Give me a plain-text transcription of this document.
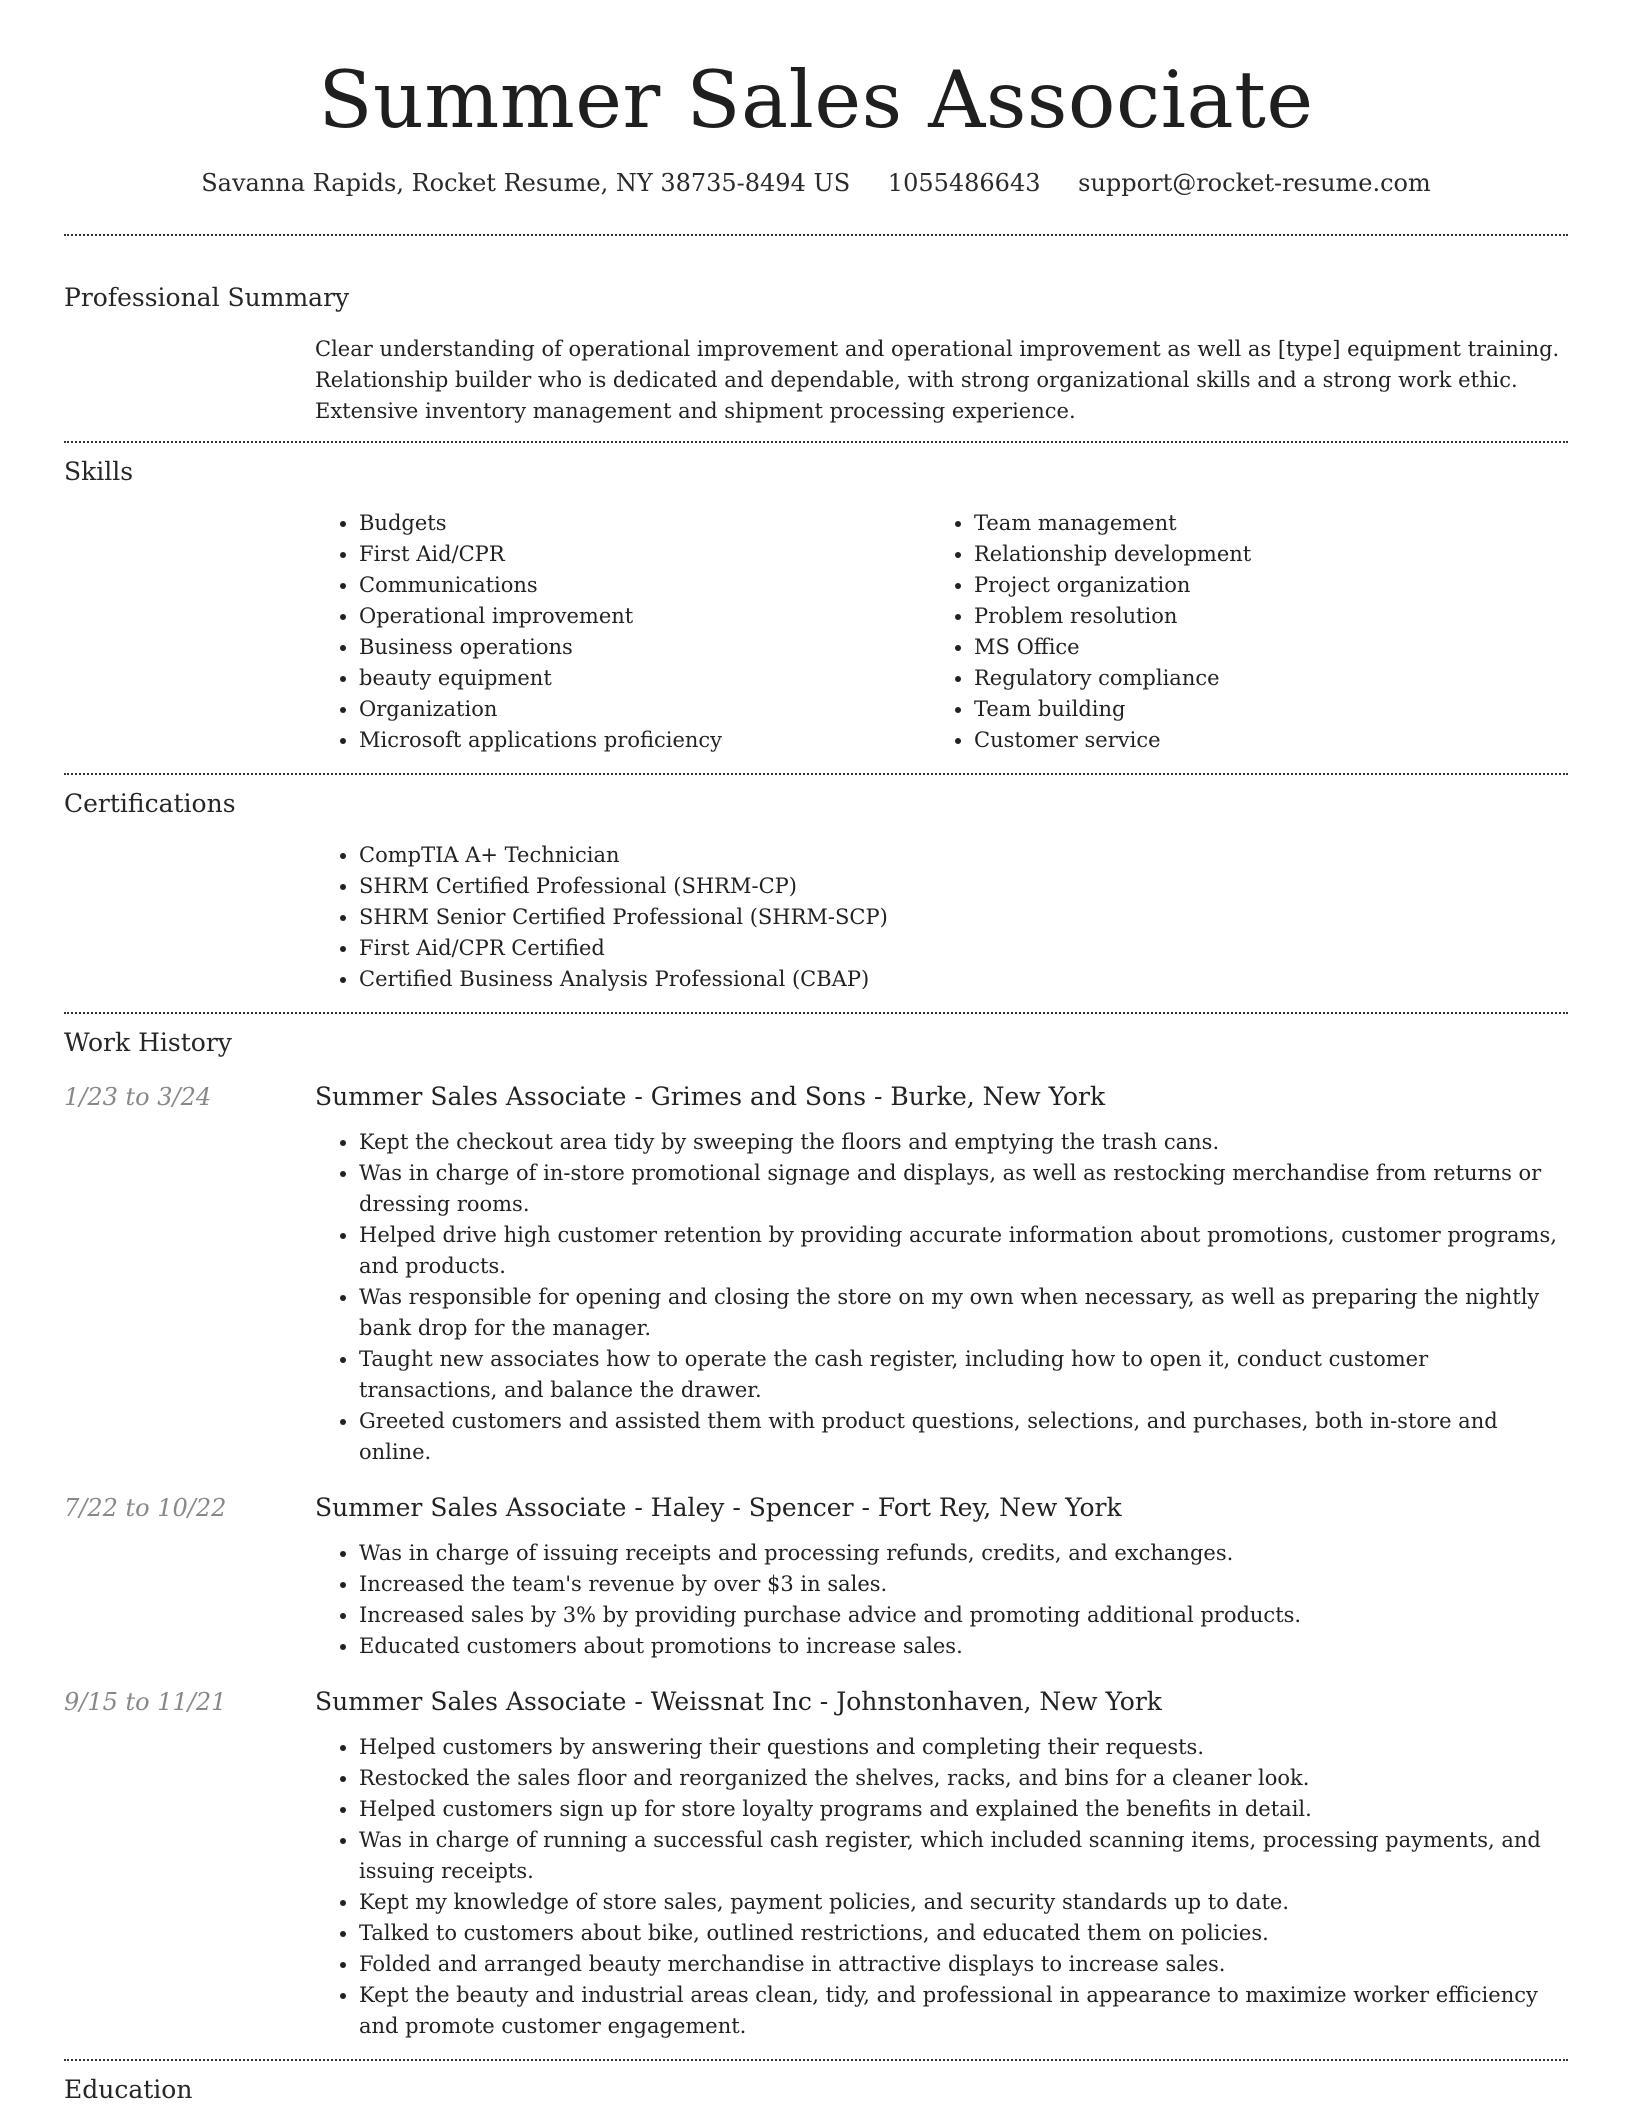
Summer Sales Associate
Savanna Rapids, Rocket Resume, NY 38735-8494 US 1055486643 support@rocket-resume.com
Professional Summary

Clear understanding of operational improvement and operational improvement as well as [type] equipment training. Relationship builder who is dedicated and dependable, with strong organizational skills and a strong work ethic. Extensive inventory management and shipment processing experience.

Skills
• Budgets
• First Aid/CPR
• Communications
• Operational improvement
• Business operations
• beauty equipment
• Organization
• Microsoft applications proficiency
• Team management
• Relationship development
• Project organization
• Problem resolution
• MS Office
• Regulatory compliance
• Team building
• Customer service
Certifications
• CompTIA A+ Technician
• SHRM Certified Professional (SHRM-CP)
• SHRM Senior Certified Professional (SHRM-SCP)
• First Aid/CPR Certified
• Certified Business Analysis Professional (CBAP)
Work History
1/23 to 3/24	Summer Sales Associate - Grimes and Sons - Burke, New York
• Kept the checkout area tidy by sweeping the floors and emptying the trash cans.
• Was in charge of in-store promotional signage and displays, as well as restocking merchandise from returns or dressing rooms.
• Helped drive high customer retention by providing accurate information about promotions, customer programs, and products.
• Was responsible for opening and closing the store on my own when necessary, as well as preparing the nightly bank drop for the manager.
• Taught new associates how to operate the cash register, including how to open it, conduct customer transactions, and balance the drawer.
• Greeted customers and assisted them with product questions, selections, and purchases, both in-store and online.
7/22 to 10/22	Summer Sales Associate - Haley - Spencer - Fort Rey, New York
• Was in charge of issuing receipts and processing refunds, credits, and exchanges.
• Increased the team's revenue by over $3 in sales.
• Increased sales by 3% by providing purchase advice and promoting additional products.
• Educated customers about promotions to increase sales.
9/15 to 11/21	Summer Sales Associate - Weissnat Inc - Johnstonhaven, New York
• Helped customers by answering their questions and completing their requests.
• Restocked the sales floor and reorganized the shelves, racks, and bins for a cleaner look.
• Helped customers sign up for store loyalty programs and explained the benefits in detail.
• Was in charge of running a successful cash register, which included scanning items, processing payments, and issuing receipts.
• Kept my knowledge of store sales, payment policies, and security standards up to date.
• Talked to customers about bike, outlined restrictions, and educated them on policies.
• Folded and arranged beauty merchandise in attractive displays to increase sales.
• Kept the beauty and industrial areas clean, tidy, and professional in appearance to maximize worker efficiency and promote customer engagement.
Education
